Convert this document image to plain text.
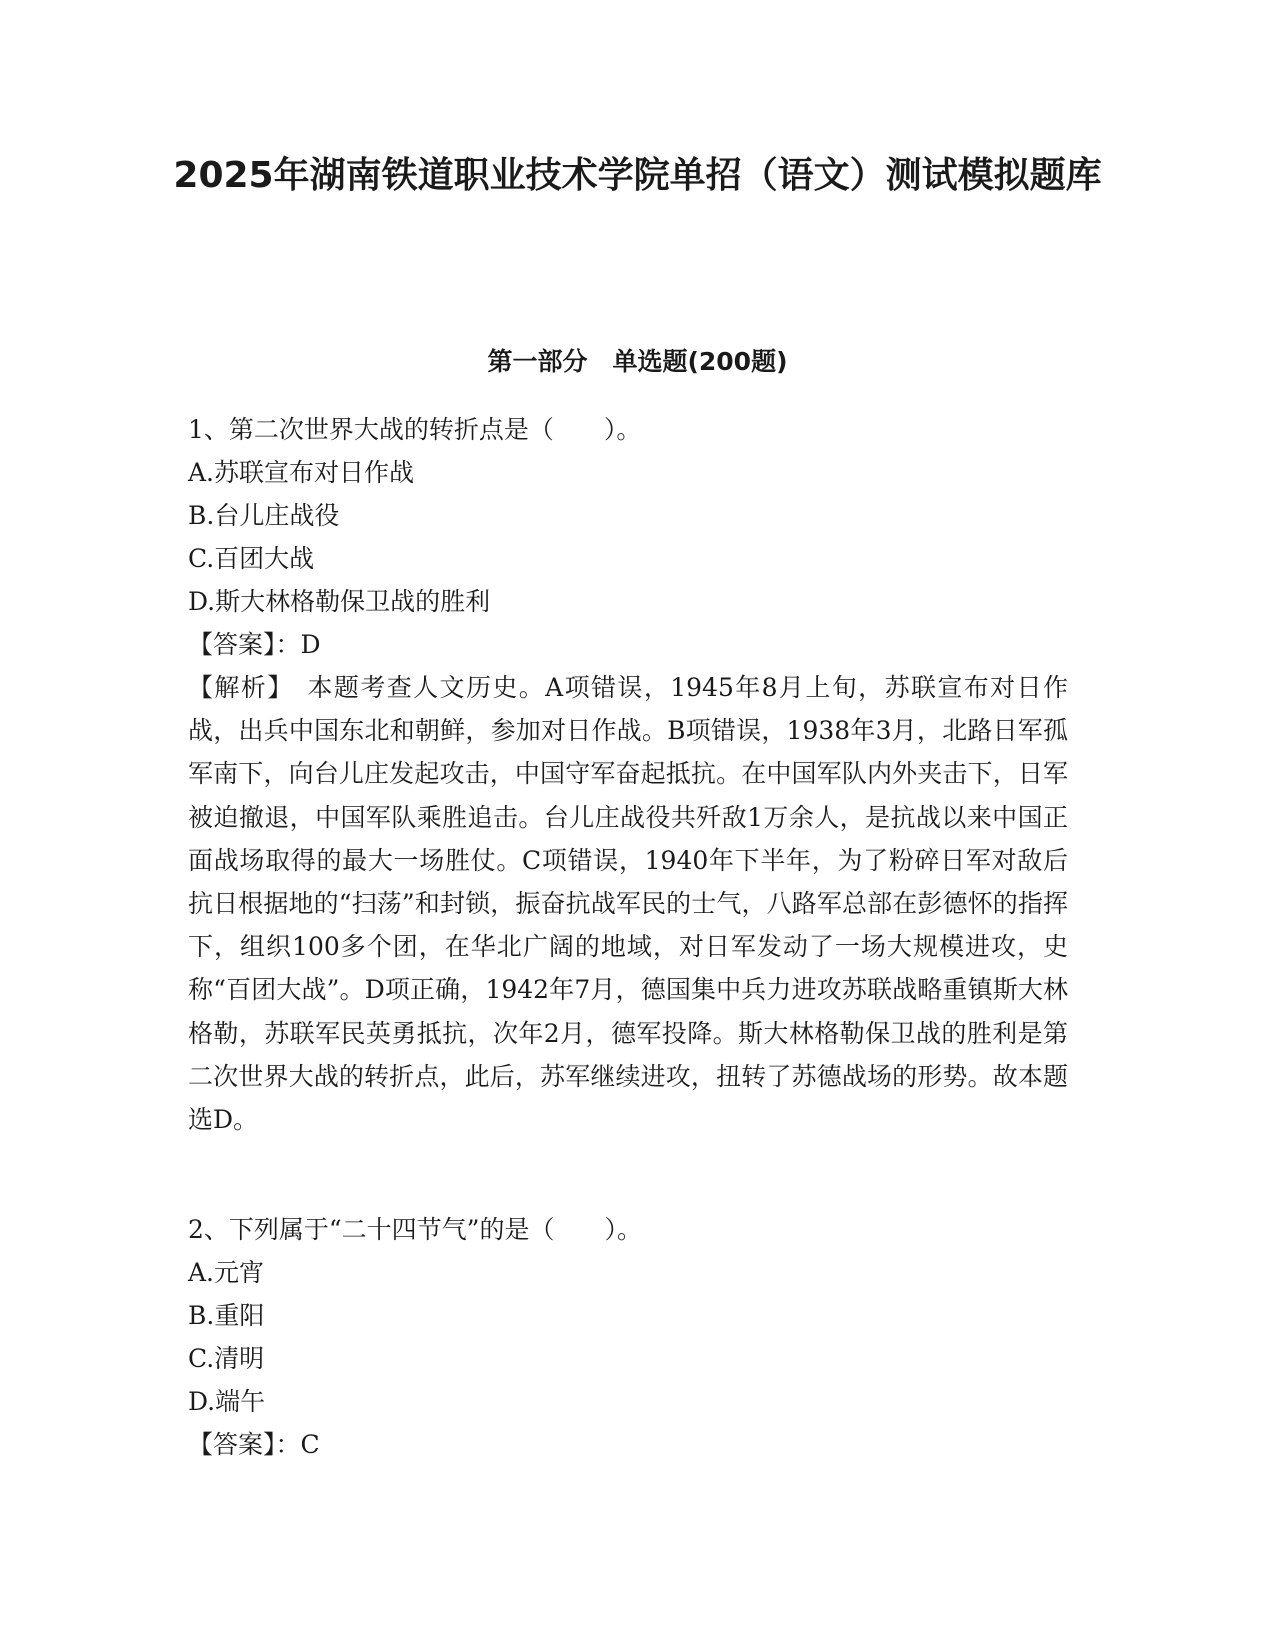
2025年湖南铁道职业技术学院单招（语文）测试模拟题库
第一部分　单选题(200题)

1、第二次世界大战的转折点是（　　）。

A.苏联宣布对日作战

B.台儿庄战役

C.百团大战

D.斯大林格勒保卫战的胜利

【答案】：D

【解析】　本题考查人文历史。A项错误，1945年8月上旬，苏联宣布对日作战，出兵中国东北和朝鲜，参加对日作战。B项错误，1938年3月，北路日军孤军南下，向台儿庄发起攻击，中国守军奋起抵抗。在中国军队内外夹击下，日军被迫撤退，中国军队乘胜追击。台儿庄战役共歼敌1万余人，是抗战以来中国正面战场取得的最大一场胜仗。C项错误，1940年下半年，为了粉碎日军对敌后抗日根据地的“扫荡”和封锁，振奋抗战军民的士气，八路军总部在彭德怀的指挥下，组织100多个团，在华北广阔的地域，对日军发动了一场大规模进攻，史称“百团大战”。D项正确，1942年7月，德国集中兵力进攻苏联战略重镇斯大林格勒，苏联军民英勇抵抗，次年2月，德军投降。斯大林格勒保卫战的胜利是第二次世界大战的转折点，此后，苏军继续进攻，扭转了苏德战场的形势。故本题选D。

2、下列属于“二十四节气”的是（　　）。

A.元宵

B.重阳

C.清明

D.端午

【答案】：C
